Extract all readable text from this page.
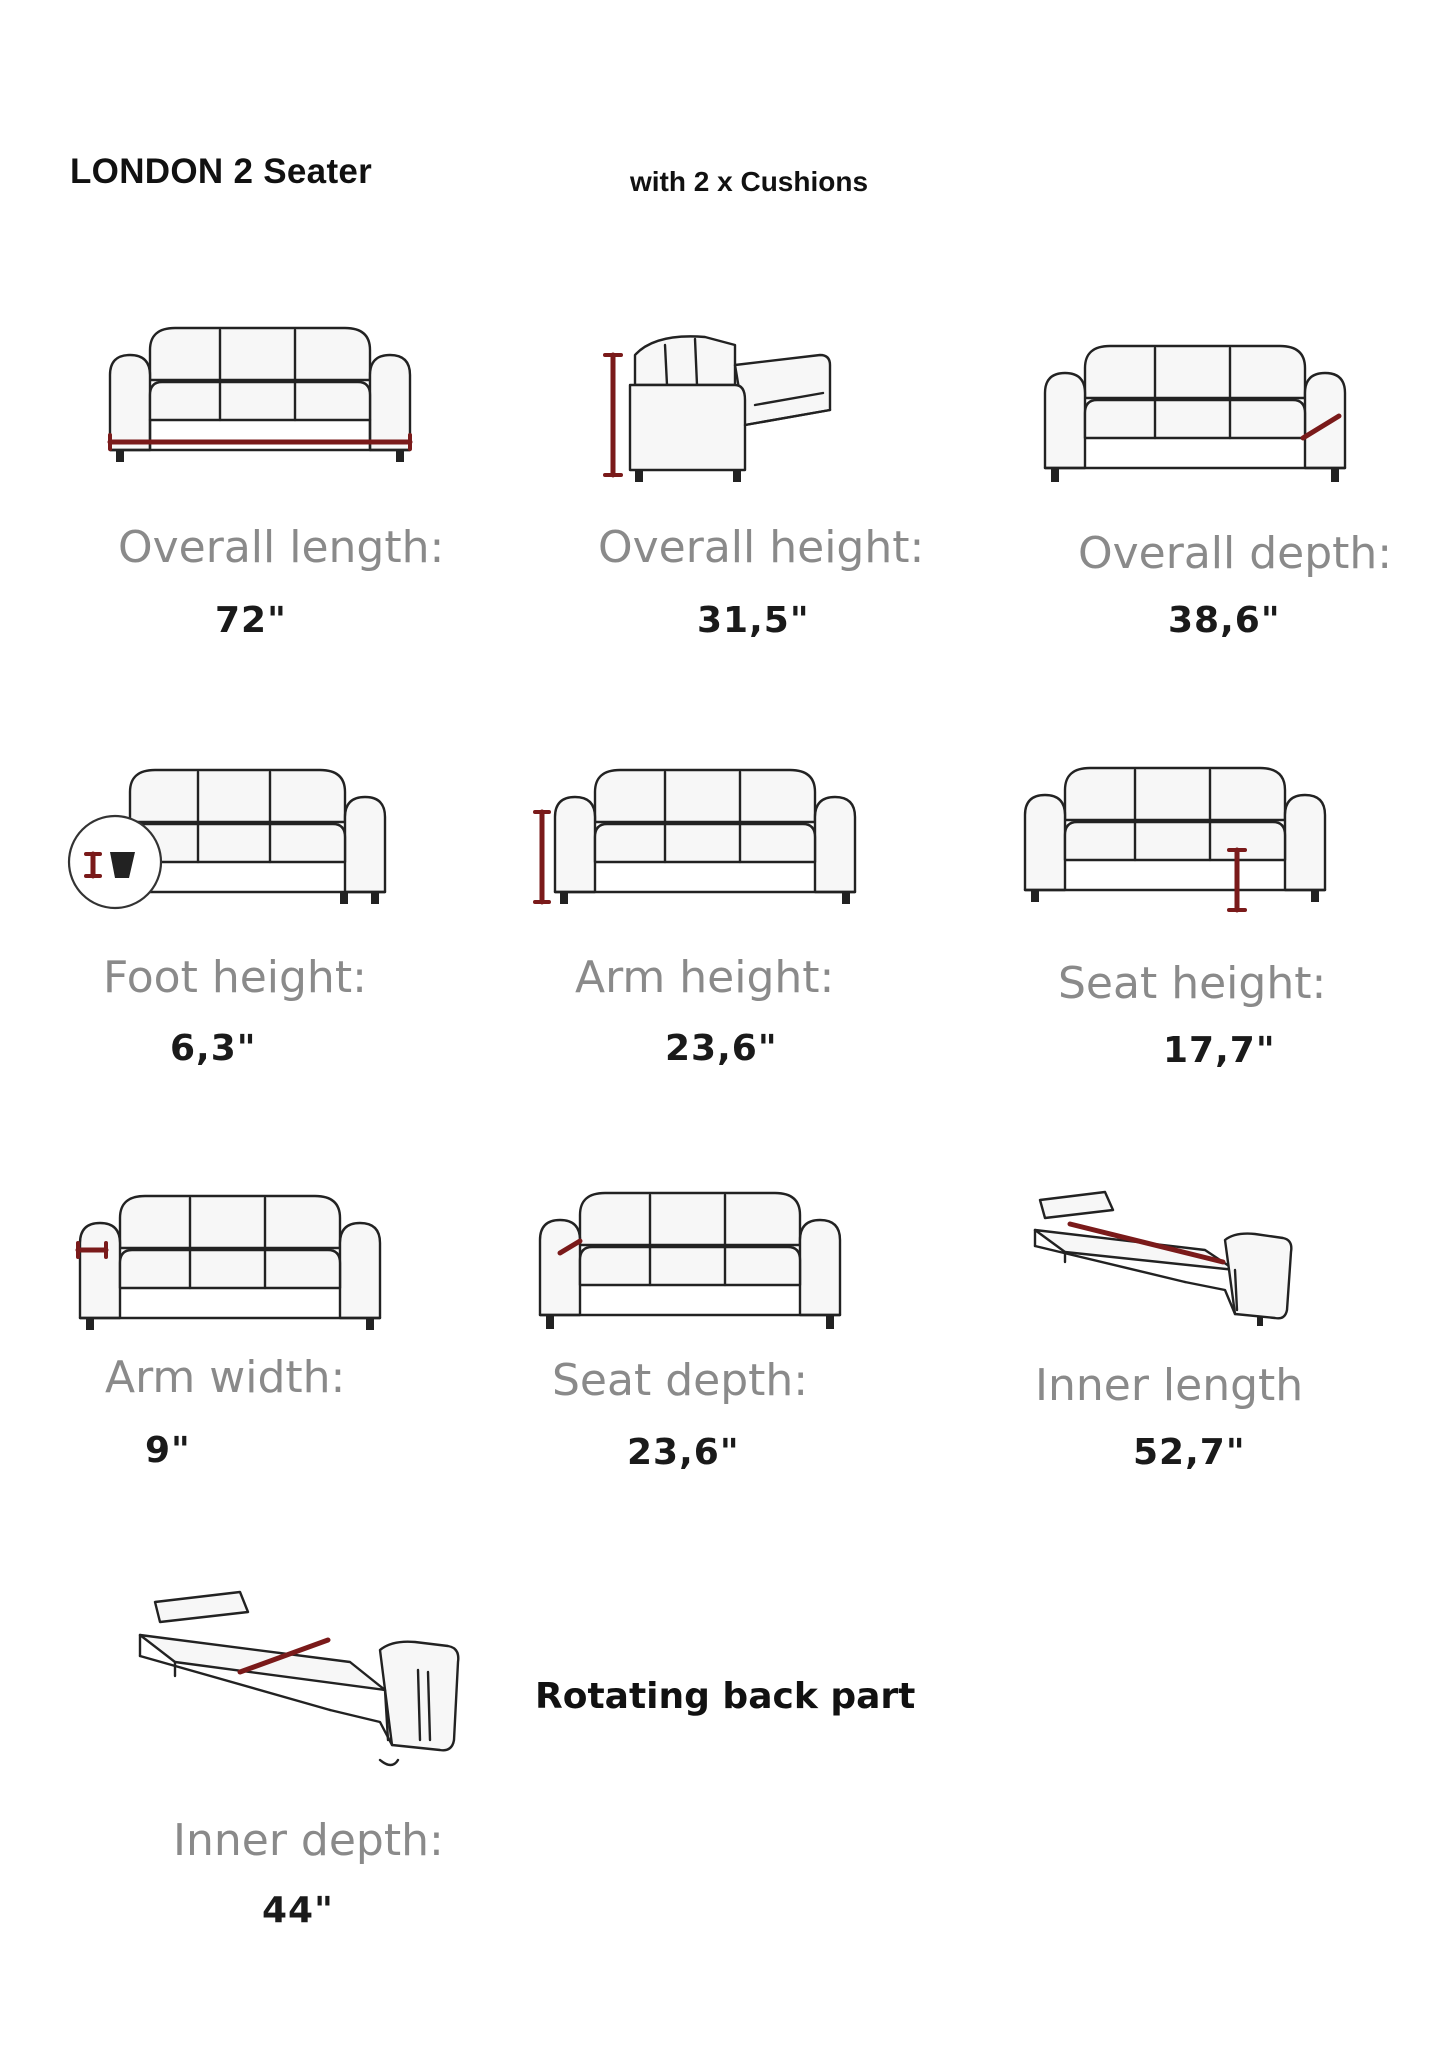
LONDON 2 Seater	with 2 x Cushions
Overall length:
72"
Overall height:
31,5"
Overall depth:
38,6"
Foot height:
6,3"
Arm height:
23,6"
Seat height:
17,7"
Arm width:
9"
Seat depth:
23,6"
Inner length
52,7"
Inner depth:
44"
Rotating back part
